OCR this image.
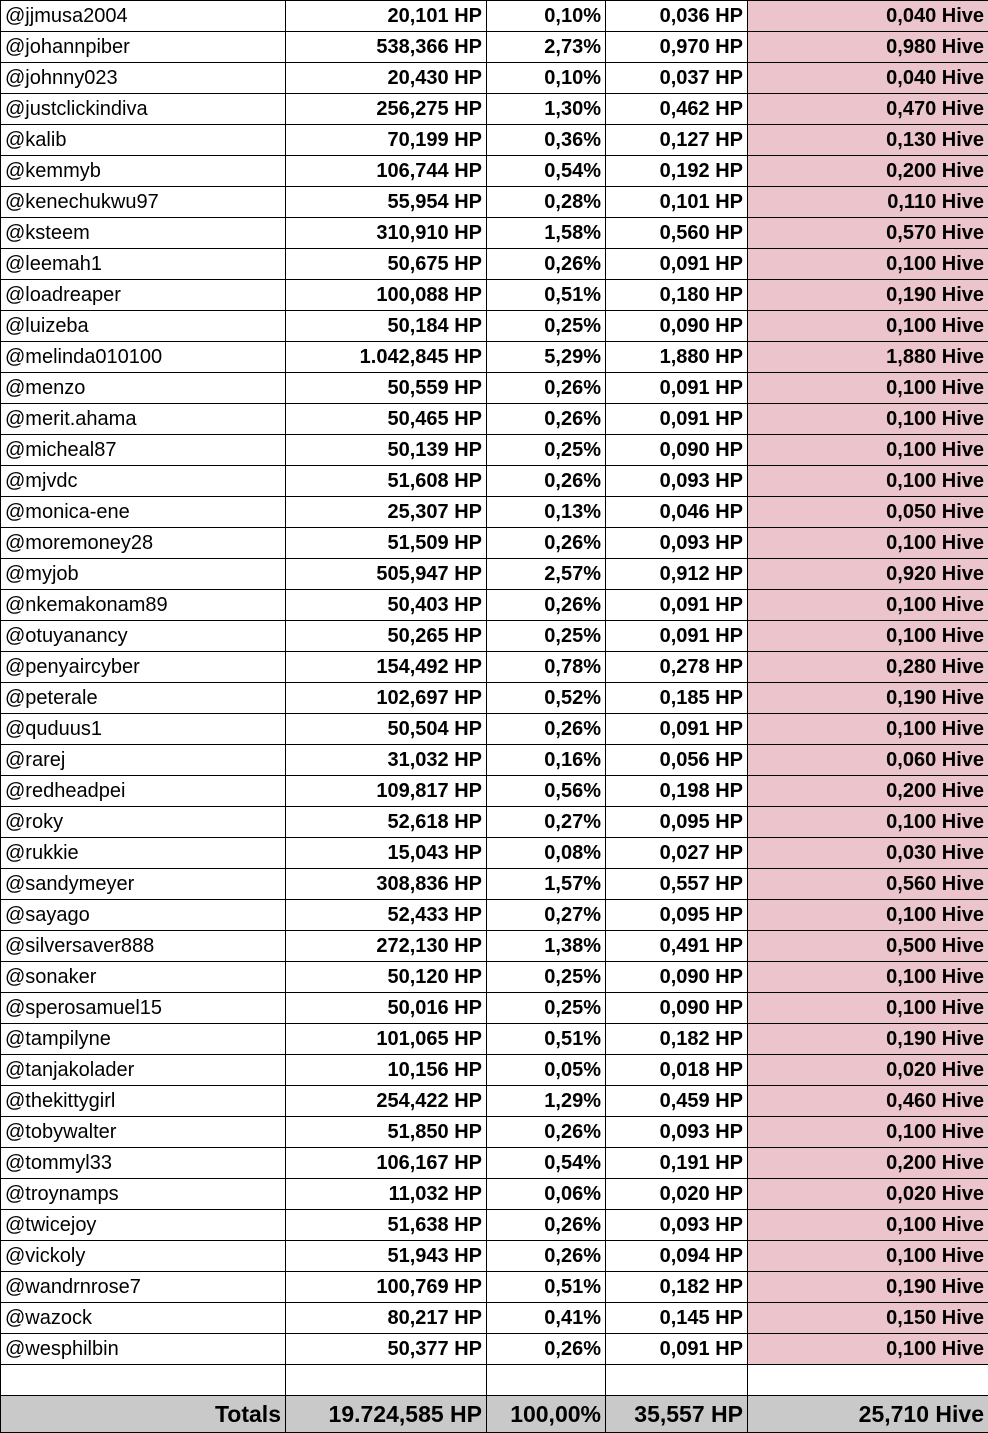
@jjmusa2004	20,101 HP	0,10%	0,036 HP	0,040 Hive
@johannpiber	538,366 HP	2,73%	0,970 HP	0,980 Hive
@johnny023	20,430 HP	0,10%	0,037 HP	0,040 Hive
@justclickindiva	256,275 HP	1,30%	0,462 HP	0,470 Hive
@kalib	70,199 HP	0,36%	0,127 HP	0,130 Hive
@kemmyb	106,744 HP	0,54%	0,192 HP	0,200 Hive
@kenechukwu97	55,954 HP	0,28%	0,101 HP	0,110 Hive
@ksteem	310,910 HP	1,58%	0,560 HP	0,570 Hive
@leemah1	50,675 HP	0,26%	0,091 HP	0,100 Hive
@loadreaper	100,088 HP	0,51%	0,180 HP	0,190 Hive
@luizeba	50,184 HP	0,25%	0,090 HP	0,100 Hive
@melinda010100	1.042,845 HP	5,29%	1,880 HP	1,880 Hive
@menzo	50,559 HP	0,26%	0,091 HP	0,100 Hive
@merit.ahama	50,465 HP	0,26%	0,091 HP	0,100 Hive
@micheal87	50,139 HP	0,25%	0,090 HP	0,100 Hive
@mjvdc	51,608 HP	0,26%	0,093 HP	0,100 Hive
@monica-ene	25,307 HP	0,13%	0,046 HP	0,050 Hive
@moremoney28	51,509 HP	0,26%	0,093 HP	0,100 Hive
@myjob	505,947 HP	2,57%	0,912 HP	0,920 Hive
@nkemakonam89	50,403 HP	0,26%	0,091 HP	0,100 Hive
@otuyanancy	50,265 HP	0,25%	0,091 HP	0,100 Hive
@penyaircyber	154,492 HP	0,78%	0,278 HP	0,280 Hive
@peterale	102,697 HP	0,52%	0,185 HP	0,190 Hive
@quduus1	50,504 HP	0,26%	0,091 HP	0,100 Hive
@rarej	31,032 HP	0,16%	0,056 HP	0,060 Hive
@redheadpei	109,817 HP	0,56%	0,198 HP	0,200 Hive
@roky	52,618 HP	0,27%	0,095 HP	0,100 Hive
@rukkie	15,043 HP	0,08%	0,027 HP	0,030 Hive
@sandymeyer	308,836 HP	1,57%	0,557 HP	0,560 Hive
@sayago	52,433 HP	0,27%	0,095 HP	0,100 Hive
@silversaver888	272,130 HP	1,38%	0,491 HP	0,500 Hive
@sonaker	50,120 HP	0,25%	0,090 HP	0,100 Hive
@sperosamuel15	50,016 HP	0,25%	0,090 HP	0,100 Hive
@tampilyne	101,065 HP	0,51%	0,182 HP	0,190 Hive
@tanjakolader	10,156 HP	0,05%	0,018 HP	0,020 Hive
@thekittygirl	254,422 HP	1,29%	0,459 HP	0,460 Hive
@tobywalter	51,850 HP	0,26%	0,093 HP	0,100 Hive
@tommyl33	106,167 HP	0,54%	0,191 HP	0,200 Hive
@troynamps	11,032 HP	0,06%	0,020 HP	0,020 Hive
@twicejoy	51,638 HP	0,26%	0,093 HP	0,100 Hive
@vickoly	51,943 HP	0,26%	0,094 HP	0,100 Hive
@wandrnrose7	100,769 HP	0,51%	0,182 HP	0,190 Hive
@wazock	80,217 HP	0,41%	0,145 HP	0,150 Hive
@wesphilbin	50,377 HP	0,26%	0,091 HP	0,100 Hive

Totals	19.724,585 HP	100,00%	35,557 HP	25,710 Hive
